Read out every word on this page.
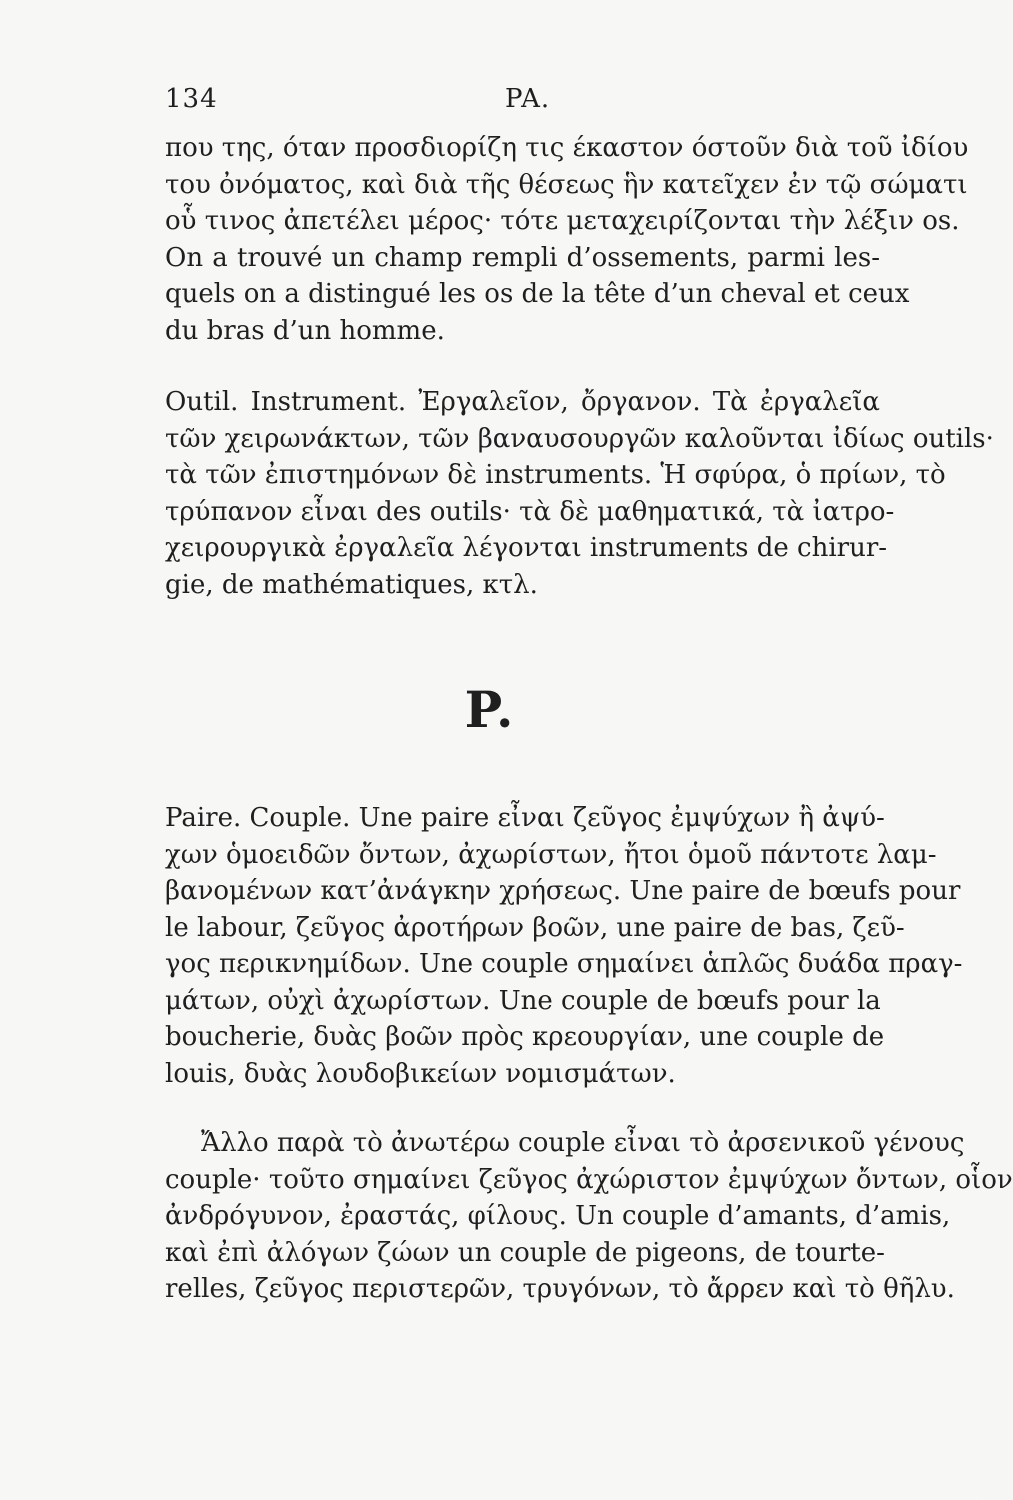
134	PA.
που της, όταν προσδιορίζη τις έκαστον όστοῦν διὰ τοῦ ἰδίου
του ὀνόματος, καὶ διὰ τῆς θέσεως ἣν κατεῖχεν ἐν τῷ σώματι
οὗ τινος ἀπετέλει μέρος· τότε μεταχειρίζονται τὴν λέξιν os.
On a trouvé un champ rempli d’ossements, parmi les-
quels on a distingué les os de la tête d’un cheval et ceux
du bras d’un homme.
Outil. Instrument. Ἐργαλεῖον, ὄργανον. Τὰ ἐργαλεῖα
τῶν χειρωνάκτων, τῶν βαναυσουργῶν καλοῦνται ἰδίως outils·
τὰ τῶν ἐπιστημόνων δὲ instruments. Ἡ σφύρα, ὁ πρίων, τὸ
τρύπανον εἶναι des outils· τὰ δὲ μαθηματικά, τὰ ἰατρο-
χειρουργικὰ ἐργαλεῖα λέγονται instruments de chirur-
gie, de mathématiques, κτλ.
P.
Paire. Couple. Une paire εἶναι ζεῦγος ἐμψύχων ἢ ἀψύ-
χων ὁμοειδῶν ὄντων, ἀχωρίστων, ἤτοι ὁμοῦ πάντοτε λαμ-
βανομένων κατ’ἀνάγκην χρήσεως. Une paire de bœufs pour
le labour, ζεῦγος ἀροτήρων βοῶν, une paire de bas, ζεῦ-
γος περικνημίδων. Une couple σημαίνει ἁπλῶς δυάδα πραγ-
μάτων, οὐχὶ ἀχωρίστων. Une couple de bœufs pour la
boucherie, δυὰς βοῶν πρὸς κρεουργίαν, une couple de
louis, δυὰς λουδοβικείων νομισμάτων.
Ἄλλο παρὰ τὸ ἀνωτέρω couple εἶναι τὸ ἀρσενικοῦ γένους
couple· τοῦτο σημαίνει ζεῦγος ἀχώριστον ἐμψύχων ὄντων, οἷον
ἀνδρόγυνον, ἐραστάς, φίλους. Un couple d’amants, d’amis,
καὶ ἐπὶ ἀλόγων ζώων un couple de pigeons, de tourte-
relles, ζεῦγος περιστερῶν, τρυγόνων, τὸ ἄρρεν καὶ τὸ θῆλυ.
